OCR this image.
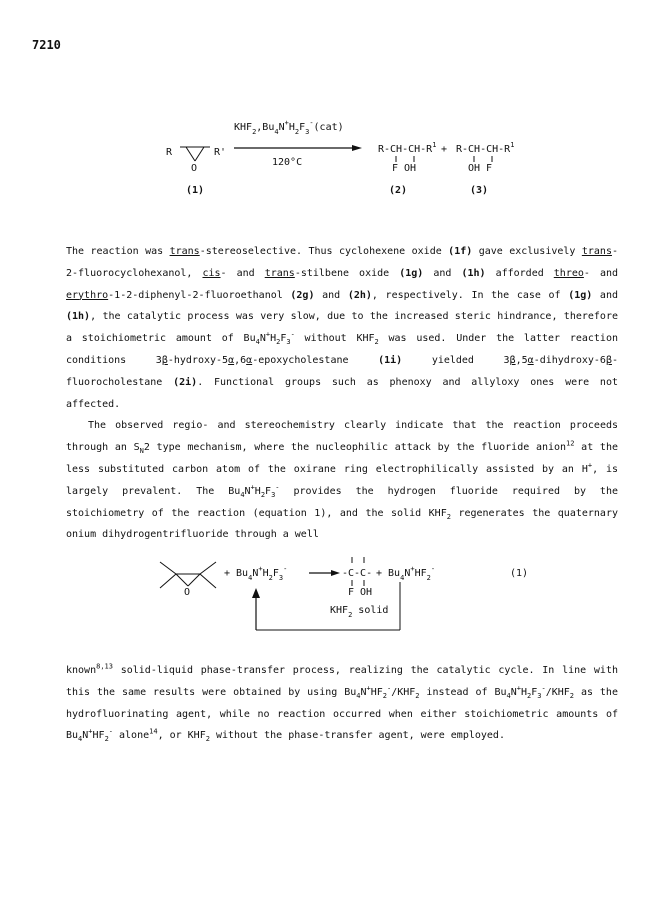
7210
R
O
R'
$KHF_2,Bu_4N^+H_2F_3^-(cat)$
120°C
$R-CH-CH-R^1$
F OH
+ $R-CH-CH-R^1$
OH F
(1)	(2)	(3)
O
+ $Bu_4N^+H_2F_3^-$	-C-C-
F OH
+ $Bu_4N^+HF_2^-$	(1)
$KHF_2$ solid

The reaction was trans-stereoselective. Thus cyclohexene oxide (1f) gave exclusively trans-2-fluorocyclohexanol, cis- and trans-stilbene oxide (1g) and (1h) afforded threo- and erythro-1-2-diphenyl-2-fluoroethanol (2g) and (2h), respectively. In the case of (1g) and (1h), the catalytic process was very slow, due to the increased steric hindrance, therefore a stoichiometric amount of $Bu_4N^+H_2F_3^-$ without $KHF_2$ was used. Under the latter reaction conditions 3β-hydroxy-5α,6α-epoxycholestane (1i) yielded 3β,5α-dihydroxy-6β-fluorocholestane (2i). Functional groups such as phenoxy and allyloxy ones were not affected.

The observed regio- and stereochemistry clearly indicate that the reaction proceeds through an $S_N2$ type mechanism, where the nucleophilic attack by the fluoride anion$^{12}$ at the less substituted carbon atom of the oxirane ring electrophilically assisted by an H+, is largely prevalent. The $Bu_4N^+H_2F_3^-$ provides the hydrogen fluoride required by the stoichiometry of the reaction (equation 1), and the solid $KHF_2$ regenerates the quaternary onium dihydrogentrifluoride through a well

known$^{8,13}$ solid-liquid phase-transfer process, realizing the catalytic cycle. In line with this the same results were obtained by using $Bu_4N^+HF_2^-/KHF_2$ instead of $Bu_4N^+H_2F_3^-/KHF_2$ as the hydrofluorinating agent, while no reaction occurred when either stoichiometric amounts of $Bu_4N^+HF_2^-$ alone$^{14}$, or $KHF_2$ without the phase-transfer agent, were employed.
